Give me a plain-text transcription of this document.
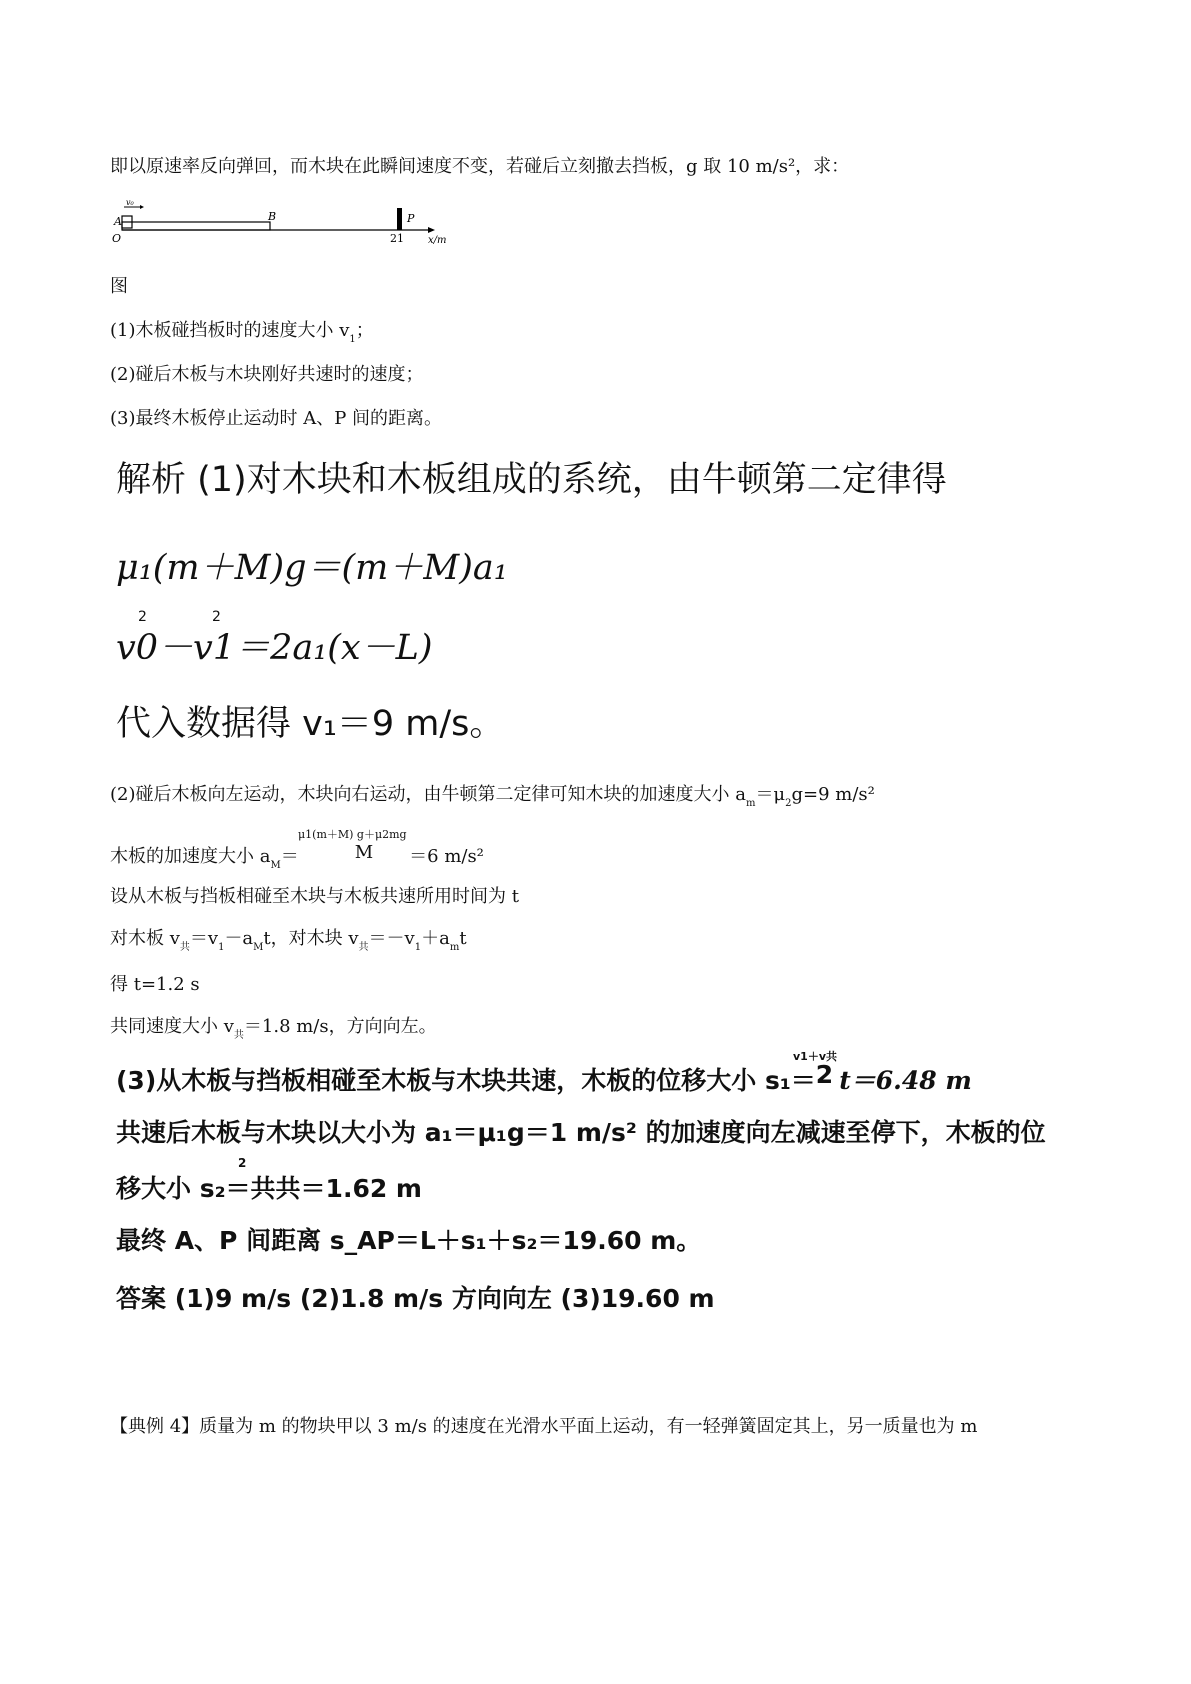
即以原速率反向弹回，而木块在此瞬间速度不变，若碰后立刻撤去挡板，g 取 10 m/s²，求：
v₀
A
O
B	P
21 x/m
图
(1)木板碰挡板时的速度大小 $v_1$；
(2)碰后木板与木块刚好共速时的速度；
(3)最终木板停止运动时 A、P 间的距离。
解析 (1)对木块和木板组成的系统，由牛顿第二定律得
μ₁(m＋M)g＝(m＋M)a₁
2	2
v0－v1＝2a₁(x－L)
代入数据得 v₁＝9 m/s。
(2)碰后木板向左运动，木块向右运动，由牛顿第二定律可知木块的加速度大小 $a_m=\mu_2g=9$ m/s²
μ1(m＋M) g＋μ2mg
木板的加速度大小 $a_M=$	M ＝6 m/s²
设从木板与挡板相碰至木块与木板共速所用时间为 t
对木板 $v_共=v_1-a_Mt$，对木块 $v_共=-v_1+a_mt$
得 t=1.2 s
共同速度大小 $v_共=1.8$ m/s，方向向左。
v1＋v共
(3)从木板与挡板相碰至木板与木块共速，木板的位移大小 s₁＝2 t＝6.48 m
共速后木板与木块以大小为 a₁＝μ₁g＝1 m/s² 的加速度向左减速至停下，木板的位
2
移大小 s₂＝共共＝1.62 m
最终 A、P 间距离 s_AP＝L＋s₁＋s₂＝19.60 m。
答案 (1)9 m/s (2)1.8 m/s 方向向左 (3)19.60 m
【典例 4】质量为 m 的物块甲以 3 m/s 的速度在光滑水平面上运动，有一轻弹簧固定其上，另一质量也为 m
